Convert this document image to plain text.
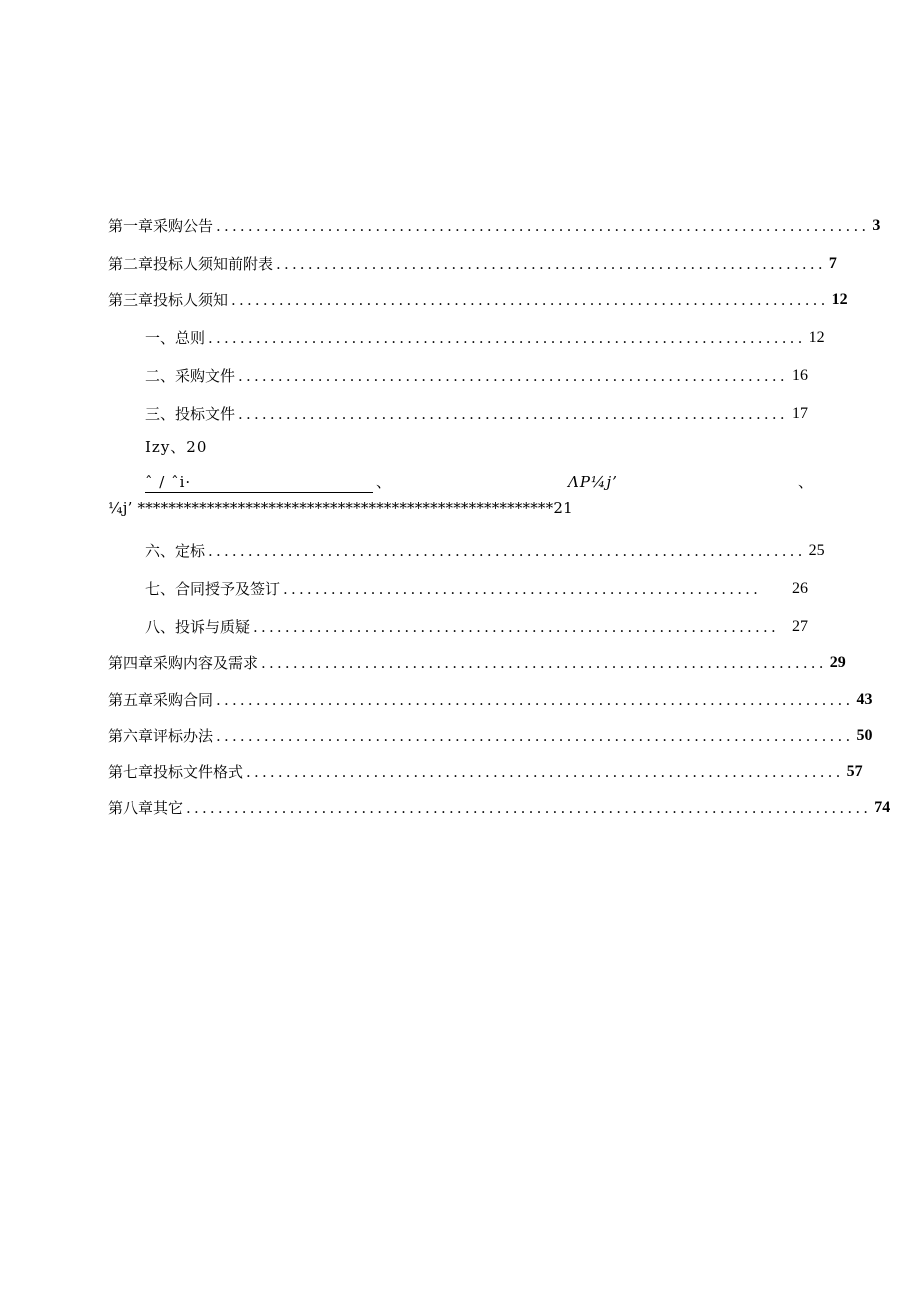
第一章采购公告 .................................................................................. 3
第二章投标人须知前附表 ..................................................................... 7
第三章投标人须知 ........................................................................... 12
一、总则 ........................................................................... 12
二、采购文件 ..................................................................... 16
三、投标文件 ..................................................................... 17
Izy、20
ˆ / ˆi·	、	ΛP¼j’	、
¼j’ ******************************************************21
六、定标 ........................................................................... 25
七、合同授予及签订 ............................................................	26
八、投诉与质疑 .................................................................. 27
第四章采购内容及需求 ....................................................................... 29
第五章采购合同 ................................................................................ 43
第六章评标办法 ................................................................................ 50
第七章投标文件格式 ........................................................................... 57
第八章其它 ...................................................................................... 74
